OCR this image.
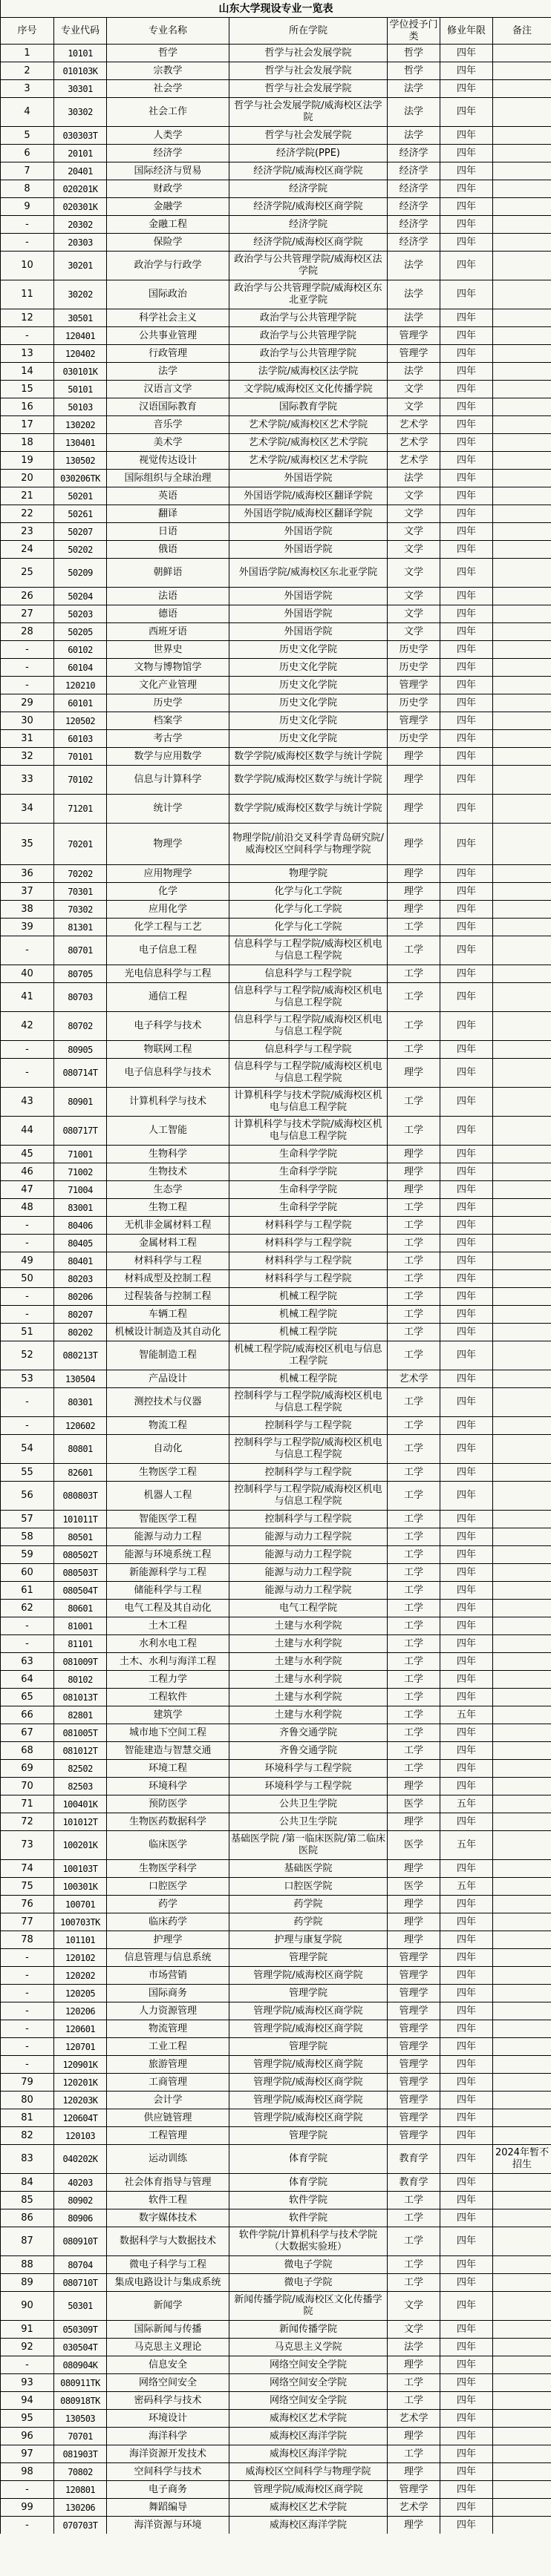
山东大学现设专业一览表						
序号	专业代码	专业名称	所在学院	学位授予门类	修业年限	备注
1	10101	哲学	哲学与社会发展学院	哲学	四年	
2	010103K	宗教学	哲学与社会发展学院	哲学	四年	
3	30301	社会学	哲学与社会发展学院	法学	四年	
4	30302	社会工作	哲学与社会发展学院/威海校区法学院	法学	四年	
5	030303T	人类学	哲学与社会发展学院	法学	四年	
6	20101	经济学	经济学院(PPE)	经济学	四年	
7	20401	国际经济与贸易	经济学院/威海校区商学院	经济学	四年	
8	020201K	财政学	经济学院	经济学	四年	
9	020301K	金融学	经济学院/威海校区商学院	经济学	四年	
-	20302	金融工程	经济学院	经济学	四年	
-	20303	保险学	经济学院/威海校区商学院	经济学	四年	
10	30201	政治学与行政学	政治学与公共管理学院/威海校区法学院	法学	四年	
11	30202	国际政治	政治学与公共管理学院/威海校区东北亚学院	法学	四年	
12	30501	科学社会主义	政治学与公共管理学院	法学	四年	
-	120401	公共事业管理	政治学与公共管理学院	管理学	四年	
13	120402	行政管理	政治学与公共管理学院	管理学	四年	
14	030101K	法学	法学院/威海校区法学院	法学	四年	
15	50101	汉语言文学	文学院/威海校区文化传播学院	文学	四年	
16	50103	汉语国际教育	国际教育学院	文学	四年	
17	130202	音乐学	艺术学院/威海校区艺术学院	艺术学	四年	
18	130401	美术学	艺术学院/威海校区艺术学院	艺术学	四年	
19	130502	视觉传达设计	艺术学院/威海校区艺术学院	艺术学	四年	
20	030206TK	国际组织与全球治理	外国语学院	法学	四年	
21	50201	英语	外国语学院/威海校区翻译学院	文学	四年	
22	50261	翻译	外国语学院/威海校区翻译学院	文学	四年	
23	50207	日语	外国语学院	文学	四年	
24	50202	俄语	外国语学院	文学	四年	
25	50209	朝鲜语	外国语学院/威海校区东北亚学院	文学	四年	
26	50204	法语	外国语学院	文学	四年	
27	50203	德语	外国语学院	文学	四年	
28	50205	西班牙语	外国语学院	文学	四年	
-	60102	世界史	历史文化学院	历史学	四年	
-	60104	文物与博物馆学	历史文化学院	历史学	四年	
-	120210	文化产业管理	历史文化学院	管理学	四年	
29	60101	历史学	历史文化学院	历史学	四年	
30	120502	档案学	历史文化学院	管理学	四年	
31	60103	考古学	历史文化学院	历史学	四年	
32	70101	数学与应用数学	数学学院/威海校区数学与统计学院	理学	四年	
33	70102	信息与计算科学	数学学院/威海校区数学与统计学院	理学	四年	
34	71201	统计学	数学学院/威海校区数学与统计学院	理学	四年	
35	70201	物理学	物理学院/前沿交叉科学青岛研究院/威海校区空间科学与物理学院	理学	四年	
36	70202	应用物理学	物理学院	理学	四年	
37	70301	化学	化学与化工学院	理学	四年	
38	70302	应用化学	化学与化工学院	理学	四年	
39	81301	化学工程与工艺	化学与化工学院	工学	四年	
-	80701	电子信息工程	信息科学与工程学院/威海校区机电与信息工程学院	工学	四年	
40	80705	光电信息科学与工程	信息科学与工程学院	工学	四年	
41	80703	通信工程	信息科学与工程学院/威海校区机电与信息工程学院	工学	四年	
42	80702	电子科学与技术	信息科学与工程学院/威海校区机电与信息工程学院	工学	四年	
-	80905	物联网工程	信息科学与工程学院	工学	四年	
-	080714T	电子信息科学与技术	信息科学与工程学院/威海校区机电与信息工程学院	理学	四年	
43	80901	计算机科学与技术	计算机科学与技术学院/威海校区机电与信息工程学院	工学	四年	
44	080717T	人工智能	计算机科学与技术学院/威海校区机电与信息工程学院	工学	四年	
45	71001	生物科学	生命科学学院	理学	四年	
46	71002	生物技术	生命科学学院	理学	四年	
47	71004	生态学	生命科学学院	理学	四年	
48	83001	生物工程	生命科学学院	工学	四年	
-	80406	无机非金属材料工程	材料科学与工程学院	工学	四年	
-	80405	金属材料工程	材料科学与工程学院	工学	四年	
49	80401	材料科学与工程	材料科学与工程学院	工学	四年	
50	80203	材料成型及控制工程	材料科学与工程学院	工学	四年	
-	80206	过程装备与控制工程	机械工程学院	工学	四年	
-	80207	车辆工程	机械工程学院	工学	四年	
51	80202	机械设计制造及其自动化	机械工程学院	工学	四年	
52	080213T	智能制造工程	机械工程学院/威海校区机电与信息工程学院	工学	四年	
53	130504	产品设计	机械工程学院	艺术学	四年	
-	80301	测控技术与仪器	控制科学与工程学院/威海校区机电与信息工程学院	工学	四年	
-	120602	物流工程	控制科学与工程学院	工学	四年	
54	80801	自动化	控制科学与工程学院/威海校区机电与信息工程学院	工学	四年	
55	82601	生物医学工程	控制科学与工程学院	工学	四年	
56	080803T	机器人工程	控制科学与工程学院/威海校区机电与信息工程学院	工学	四年	
57	101011T	智能医学工程	控制科学与工程学院	工学	四年	
58	80501	能源与动力工程	能源与动力工程学院	工学	四年	
59	080502T	能源与环境系统工程	能源与动力工程学院	工学	四年	
60	080503T	新能源科学与工程	能源与动力工程学院	工学	四年	
61	080504T	储能科学与工程	能源与动力工程学院	工学	四年	
62	80601	电气工程及其自动化	电气工程学院	工学	四年	
-	81001	土木工程	土建与水利学院	工学	四年	
-	81101	水利水电工程	土建与水利学院	工学	四年	
63	081009T	土木、水利与海洋工程	土建与水利学院	工学	四年	
64	80102	工程力学	土建与水利学院	工学	四年	
65	081013T	工程软件	土建与水利学院	工学	四年	
66	82801	建筑学	土建与水利学院	工学	五年	
67	081005T	城市地下空间工程	齐鲁交通学院	工学	四年	
68	081012T	智能建造与智慧交通	齐鲁交通学院	工学	四年	
69	82502	环境工程	环境科学与工程学院	工学	四年	
70	82503	环境科学	环境科学与工程学院	理学	四年	
71	100401K	预防医学	公共卫生学院	医学	五年	
72	101012T	生物医药数据科学	公共卫生学院	理学	四年	
73	100201K	临床医学	基础医学院 /第一临床医院/第二临床医院	医学	五年	
74	100103T	生物医学科学	基础医学院	理学	四年	
75	100301K	口腔医学	口腔医学院	医学	五年	
76	100701	药学	药学院	理学	四年	
77	100703TK	临床药学	药学院	理学	四年	
78	101101	护理学	护理与康复学院	理学	四年	
-	120102	信息管理与信息系统	管理学院	管理学	四年	
-	120202	市场营销	管理学院/威海校区商学院	管理学	四年	
-	120205	国际商务	管理学院	管理学	四年	
-	120206	人力资源管理	管理学院/威海校区商学院	管理学	四年	
-	120601	物流管理	管理学院/威海校区商学院	管理学	四年	
-	120701	工业工程	管理学院	管理学	四年	
-	120901K	旅游管理	管理学院/威海校区商学院	管理学	四年	
79	120201K	工商管理	管理学院/威海校区商学院	管理学	四年	
80	120203K	会计学	管理学院/威海校区商学院	管理学	四年	
81	120604T	供应链管理	管理学院/威海校区商学院	管理学	四年	
82	120103	工程管理	管理学院	管理学	四年	
83	040202K	运动训练	体育学院	教育学	四年	2024年暂不招生
84	40203	社会体育指导与管理	体育学院	教育学	四年	
85	80902	软件工程	软件学院	工学	四年	
86	80906	数字媒体技术	软件学院	工学	四年	
87	080910T	数据科学与大数据技术	软件学院/计算机科学与技术学院（大数据实验班）	工学	四年	
88	80704	微电子科学与工程	微电子学院	工学	四年	
89	080710T	集成电路设计与集成系统	微电子学院	工学	四年	
90	50301	新闻学	新闻传播学院/威海校区文化传播学院	文学	四年	
91	050309T	国际新闻与传播	新闻传播学院	文学	四年	
92	030504T	马克思主义理论	马克思主义学院	法学	四年	
-	080904K	信息安全	网络空间安全学院	理学	四年	
93	080911TK	网络空间安全	网络空间安全学院	工学	四年	
94	080918TK	密码科学与技术	网络空间安全学院	工学	四年	
95	130503	环境设计	威海校区艺术学院	艺术学	四年	
96	70701	海洋科学	威海校区海洋学院	理学	四年	
97	081903T	海洋资源开发技术	威海校区海洋学院	工学	四年	
98	70802	空间科学与技术	威海校区空间科学与物理学院	理学	四年	
-	120801	电子商务	管理学院/威海校区商学院	管理学	四年	
99	130206	舞蹈编导	威海校区艺术学院	艺术学	四年	
-	070703T	海洋资源与环境	威海校区海洋学院	理学	四年	
